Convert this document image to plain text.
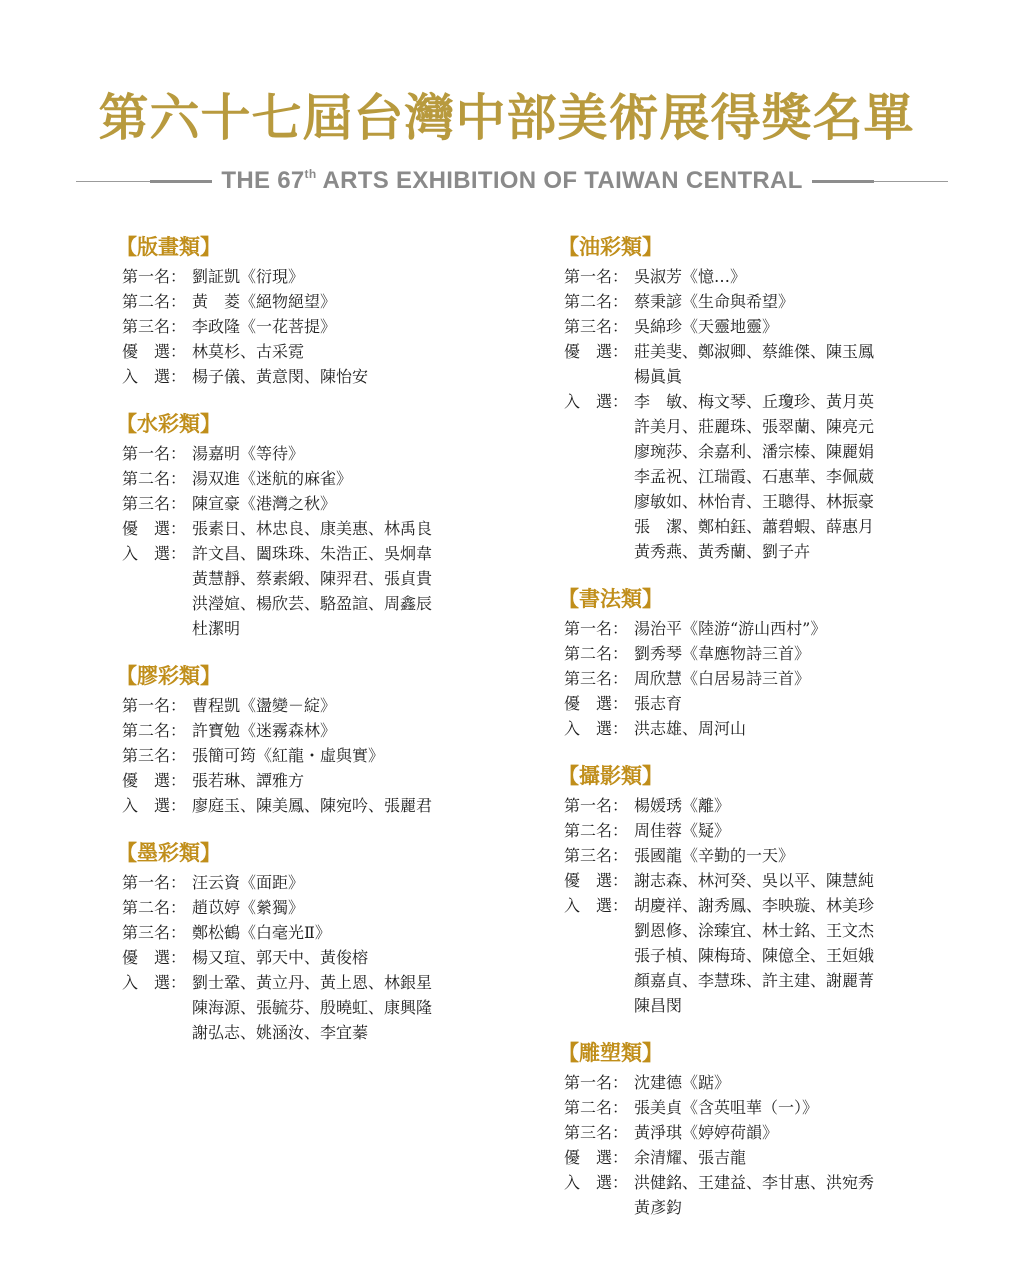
第六十七屆台灣中部美術展得獎名單
THE 67th ARTS EXHIBITION OF TAIWAN CENTRAL
【版畫類】
第一名： 劉証凱《衍現》
第二名： 黃　菱《絕物絕望》
第三名： 李政隆《一花菩提》
優　選： 林莫杉、古采霓
入　選： 楊子儀、黃意閔、陳怡安
【水彩類】
第一名： 湯嘉明《等待》
第二名： 湯双進《迷航的麻雀》
第三名： 陳宣豪《港灣之秋》
優　選： 張素日、林忠良、康美惠、林禹良
入　選： 許文昌、闔珠珠、朱浩正、吳炯韋
黃慧靜、蔡素緞、陳羿君、張貞貴
洪瀅媗、楊欣芸、駱盈諠、周鑫辰
杜潔明
【膠彩類】
第一名： 曹程凱《盪變－綻》
第二名： 許寶勉《迷霧森林》
第三名： 張簡可筠《紅龍・虛與實》
優　選： 張若琳、譚雅方
入　選： 廖庭玉、陳美鳳、陳宛吟、張麗君
【墨彩類】
第一名： 汪云資《面距》
第二名： 趙苡婷《縈獨》
第三名： 鄭松鶴《白毫光Ⅱ》
優　選： 楊又瑄、郭天中、黃俊榕
入　選： 劉士鞏、黃立丹、黃上恩、林銀星
陳海源、張毓芬、殷曉虹、康興隆
謝弘志、姚涵汝、李宜蓁
【油彩類】
第一名： 吳淑芳《憶…》
第二名： 蔡秉諺《生命與希望》
第三名： 吳綿珍《天靈地靈》
優　選： 莊美斐、鄭淑卿、蔡維傑、陳玉鳳
楊眞眞
入　選： 李　敏、梅文琴、丘瓊珍、黃月英
許美月、莊麗珠、張翠蘭、陳亮元
廖琬莎、余嘉利、潘宗榛、陳麗娟
李孟祝、江瑞霞、石惠華、李佩葳
廖敏如、林怡青、王聰得、林振豪
張　潔、鄭柏鈺、蕭碧蝦、薛惠月
黃秀燕、黃秀蘭、劉子卉
【書法類】
第一名： 湯治平《陸游“游山西村”》
第二名： 劉秀琴《韋應物詩三首》
第三名： 周欣慧《白居易詩三首》
優　選： 張志育
入　選： 洪志雄、周河山
【攝影類】
第一名： 楊媛琇《離》
第二名： 周佳蓉《疑》
第三名： 張國龍《辛勤的一天》
優　選： 謝志森、林河癸、吳以平、陳慧純
入　選： 胡慶祥、謝秀鳳、李映璇、林美珍
劉恩修、涂臻宜、林士銘、王文杰
張子楨、陳梅琦、陳億全、王姮娥
顏嘉貞、李慧珠、許主建、謝麗菁
陳昌閔
【雕塑類】
第一名： 沈建德《踮》
第二名： 張美貞《含英咀華（一）》
第三名： 黃淨琪《婷婷荷韻》
優　選： 余清耀、張吉龍
入　選： 洪健銘、王建益、李甘惠、洪宛秀
黃彥鈞
